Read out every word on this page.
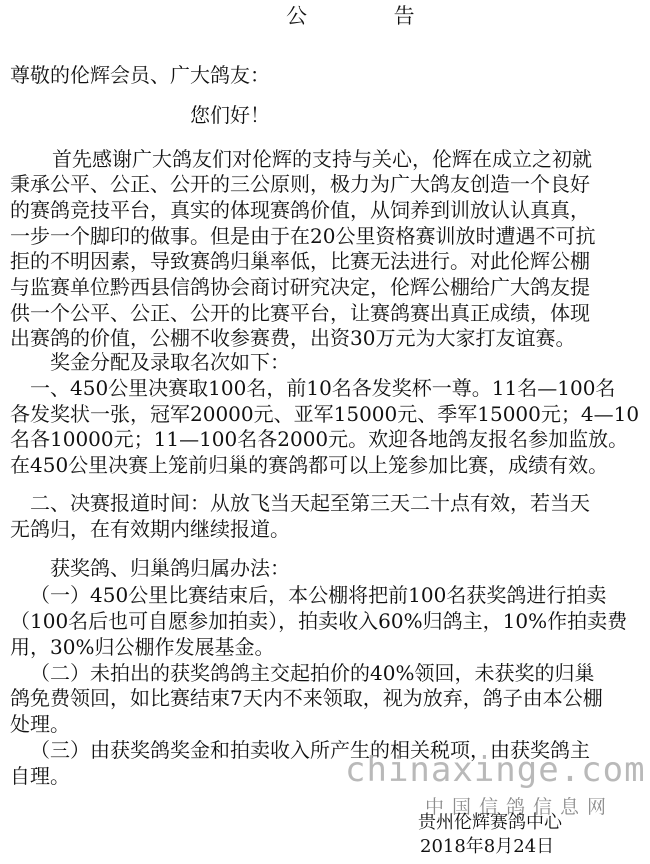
公 告
尊敬的伦辉会员、广大鸽友：
您们好！
首先感谢广大鸽友们对伦辉的支持与关心，伦辉在成立之初就
秉承公平、公正、公开的三公原则，极力为广大鸽友创造一个良好
的赛鸽竞技平台，真实的体现赛鸽价值，从饲养到训放认认真真，
一步一个脚印的做事。但是由于在20公里资格赛训放时遭遇不可抗
拒的不明因素，导致赛鸽归巢率低，比赛无法进行。对此伦辉公棚
与监赛单位黔西县信鸽协会商讨研究决定，伦辉公棚给广大鸽友提
供一个公平、公正、公开的比赛平台，让赛鸽赛出真正成绩，体现
出赛鸽的价值，公棚不收参赛费，出资30万元为大家打友谊赛。
奖金分配及录取名次如下：
一、450公里决赛取100名，前10名各发奖杯一尊。11名—100名
各发奖状一张，冠军20000元、亚军15000元、季军15000元；4—10
名各10000元；11—100名各2000元。欢迎各地鸽友报名参加监放。
在450公里决赛上笼前归巢的赛鸽都可以上笼参加比赛，成绩有效。
二、决赛报道时间：从放飞当天起至第三天二十点有效，若当天
无鸽归，在有效期内继续报道。
获奖鸽、归巢鸽归属办法：
（一）450公里比赛结束后，本公棚将把前100名获奖鸽进行拍卖
（100名后也可自愿参加拍卖），拍卖收入60%归鸽主，10%作拍卖费
用，30%归公棚作发展基金。
（二）未拍出的获奖鸽鸽主交起拍价的40%领回，未获奖的归巢
鸽免费领回，如比赛结束7天内不来领取，视为放弃，鸽子由本公棚
处理。
（三）由获奖鸽奖金和拍卖收入所产生的相关税项，由获奖鸽主
自理。	chinaxinge.com
中国信鸽信息网
贵州伦辉赛鸽中心
2018年8月24日
